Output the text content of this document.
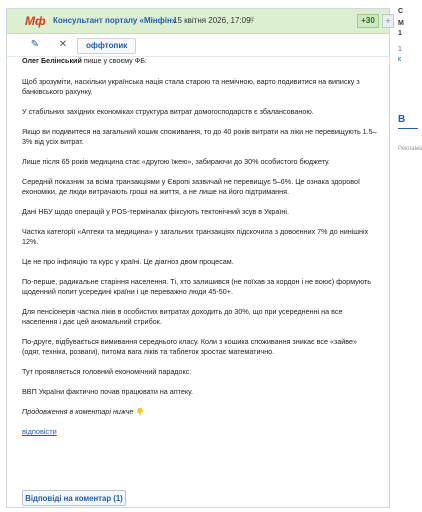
Мф Консультант порталу «Мінфін»
15 квітня 2026, 17:09
#	+30	+
✎	✕	оффтопик

Олег Белінський пише у своєму ФБ:

Щоб зрозуміти, наскільки українська нація стала старою та немічною, варто подивитися на виписку з банківського рахунку.

У стабільних західних економіках структура витрат домогосподарств є збалансованою.

Якщо ви подивитеся на загальний кошик споживання, то до 40 років витрати на ліки не перевищують 1.5–3% від усіх витрат.

Лише після 65 років медицина стає «другою їжею», забираючи до 30% особистого бюджету.

Середній показник за всіма транзакціями у Європі зазвичай не перевищує 5–6%. Це ознака здорової економіки, де люди витрачають гроші на життя, а не лише на його підтримання.

Дані НБУ щодо операцій у POS-терміналах фіксують тектонічний зсув в Україні.

Частка категорії «Аптеки та медицина» у загальних транзакціях підскочила з довоєнних 7% до нинішніх 12%.

Це не про інфляцію та курс у країні. Це діагноз двом процесам.

По-перше, радикальне старіння населення. Ті, хто залишився (не поїхав за кордон і не воює) формують щоденний попит усередині країни і це переважно люди 45-50+.

Для пенсіонерів частка ліків в особистих витратах доходить до 30%, що при усередненні на все населення і дає цей аномальний стрибок.

По-друге, відбувається вимивання середнього класу. Коли з кошика споживання зникає все «зайве» (одяг, техніка, розваги), питома вага ліків та таблеток зростає математично.

Тут проявляється головний економічний парадокс.

ВВП України фактично почав працювати на аптеку.

Продовження в коментарі нижче 👇

відповісти
Відповіді на коментар (1)
С
М
1
1
к
В
Реклама
